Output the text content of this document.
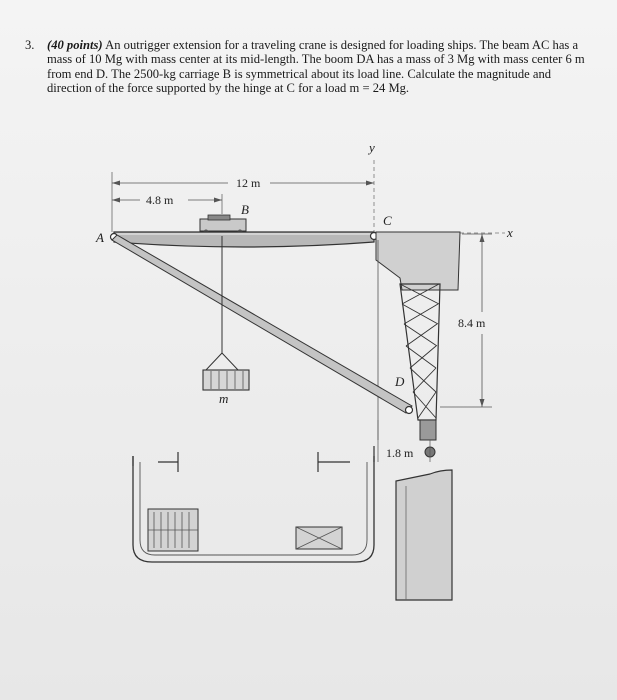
3. (40 points) An outrigger extension for a traveling crane is designed for loading ships. The beam AC has a mass of 10 Mg with mass center at its mid-length. The boom DA has a mass of 3 Mg with mass center 6 m from end D. The 2500-kg carriage B is symmetrical about its load line. Calculate the magnitude and direction of the force supported by the hinge at C for a load m = 24 Mg.
y
12 m
4.8 m
B
A
C
x
D
8.4 m
1.8 m
m
